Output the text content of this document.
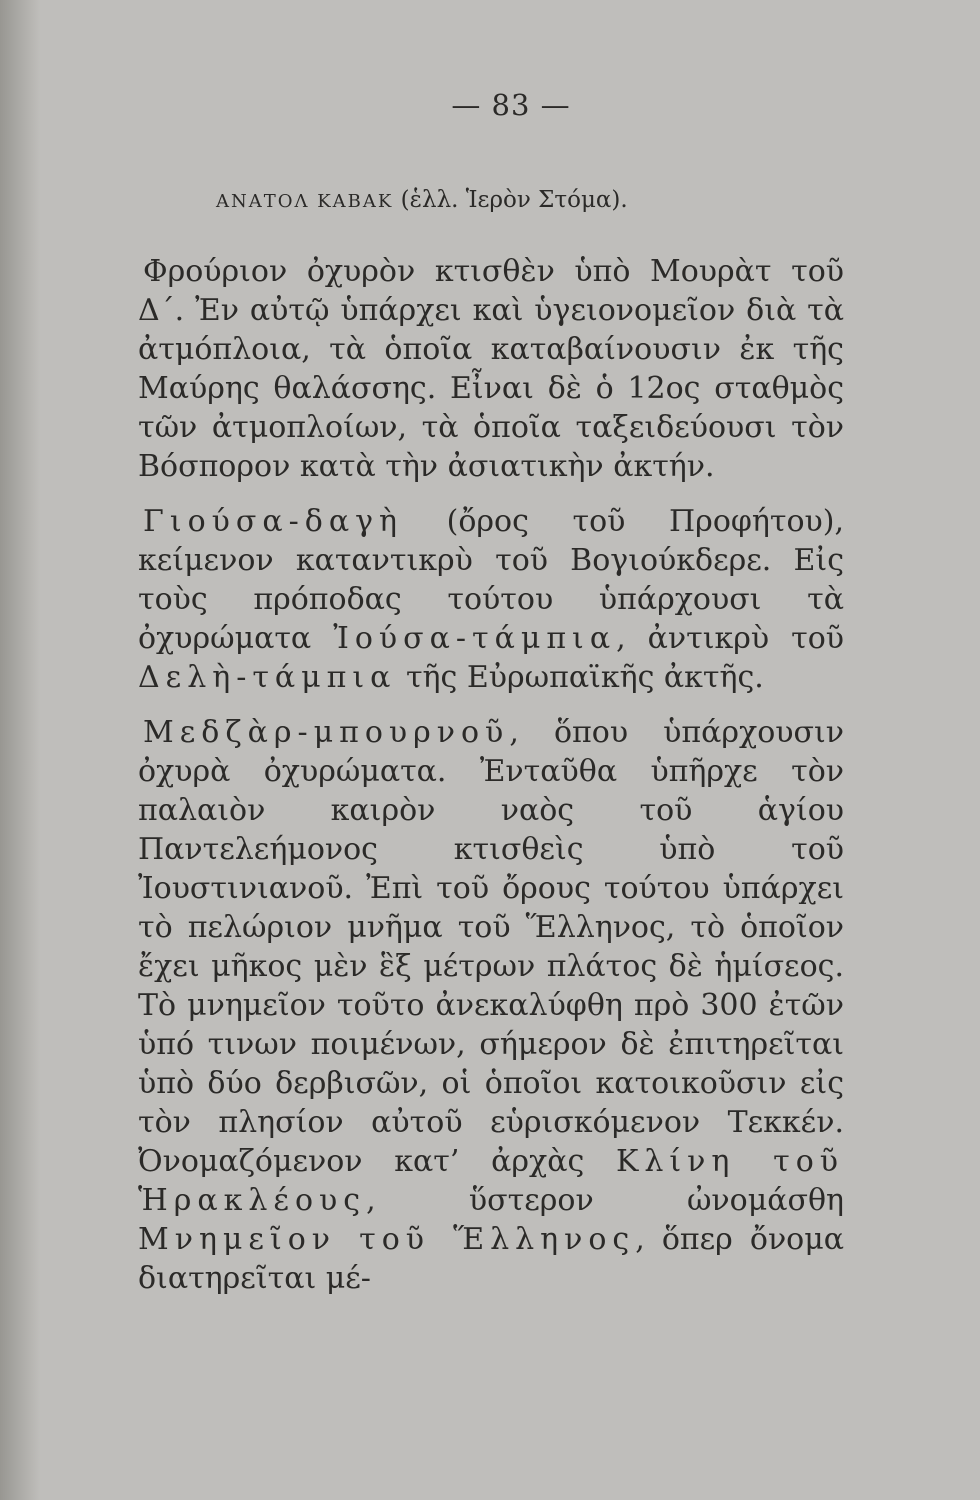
— 83 —
ΑΝΑΤΟΛ ΚΑΒΑΚ (ἑλλ. Ἱερὸν Στόμα).

Φρούριον ὀχυρὸν κτισθὲν ὑπὸ Μουρὰτ τοῦ Δ΄. Ἐν αὐτῷ ὑπάρχει καὶ ὑγειονομεῖον διὰ τὰ ἀτμόπλοια, τὰ ὁποῖα καταβαίνουσιν ἐκ τῆς Μαύρης θαλάσσης. Εἶναι δὲ ὁ 12ος σταθμὸς τῶν ἀτμοπλοίων, τὰ ὁποῖα ταξειδεύουσι τὸν Βόσπορον κατὰ τὴν ἀσιατικὴν ἀκτήν.

Γιούσα-δαγὴ (ὄρος τοῦ Προφήτου), κείμενον καταντικρὺ τοῦ Βογιούκδερε. Εἰς τοὺς πρόποδας τούτου ὑπάρχουσι τὰ ὀχυρώματα Ἰούσα-τάμπια, ἀντικρὺ τοῦ Δελὴ-τάμπια τῆς Εὐρωπαϊκῆς ἀκτῆς.

Μεδζὰρ-μπουρνοῦ, ὅπου ὑπάρχουσιν ὀχυρὰ ὀχυρώματα. Ἐνταῦθα ὑπῆρχε τὸν παλαιὸν καιρὸν ναὸς τοῦ ἁγίου Παντελεήμονος κτισθεὶς ὑπὸ τοῦ Ἰουστινιανοῦ. Ἐπὶ τοῦ ὄρους τούτου ὑπάρχει τὸ πελώριον μνῆμα τοῦ Ἕλληνος, τὸ ὁποῖον ἔχει μῆκος μὲν ἓξ μέτρων πλάτος δὲ ἡμίσεος. Τὸ μνημεῖον τοῦτο ἀνεκαλύφθη πρὸ 300 ἐτῶν ὑπό τινων ποιμένων, σήμερον δὲ ἐπιτηρεῖται ὑπὸ δύο δερβισῶν, οἱ ὁποῖοι κατοικοῦσιν εἰς τὸν πλησίον αὐτοῦ εὑρισκόμενον Τεκκέν. Ὀνομαζόμενον κατ’ ἀρχὰς Κλίνη τοῦ Ἡρακλέους, ὕστερον ὠνομάσθη Μνημεῖον τοῦ Ἕλληνος, ὅπερ ὄνομα διατηρεῖται μέ-
